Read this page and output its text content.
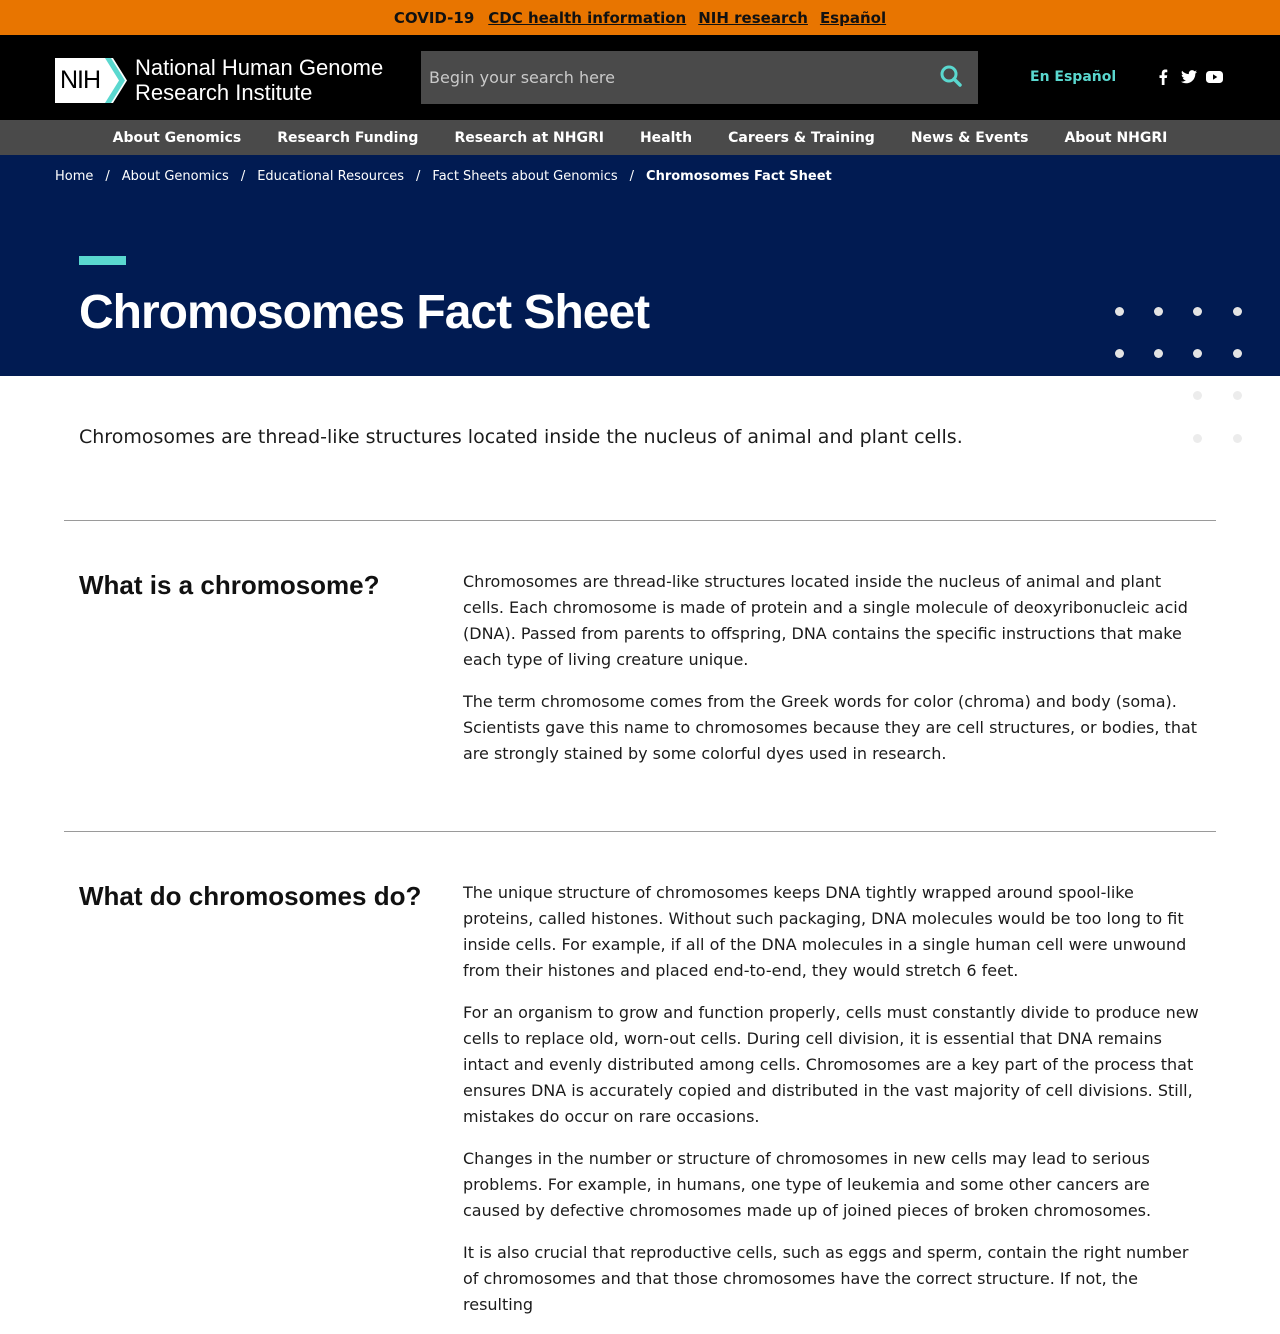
COVID-19 CDC health information NIH research Español
NIH National Human Genome
Research Institute
Begin your search here
En Español
About Genomics	Research Funding	Research at NHGRI	Health	Careers & Training	News & Events	About NHGRI
Home / About Genomics / Educational Resources / Fact Sheets about Genomics / Chromosomes Fact Sheet
Chromosomes Fact Sheet

Chromosomes are thread-like structures located inside the nucleus of animal and plant cells.

What is a chromosome?	Chromosomes are thread-like structures located inside the nucleus of animal and plant cells. Each chromosome is made of protein and a single molecule of deoxyribonucleic acid (DNA). Passed from parents to offspring, DNA contains the specific instructions that make each type of living creature unique.

The term chromosome comes from the Greek words for color (chroma) and body (soma). Scientists gave this name to chromosomes because they are cell structures, or bodies, that are strongly stained by some colorful dyes used in research.

What do chromosomes do?	The unique structure of chromosomes keeps DNA tightly wrapped around spool-like proteins, called histones. Without such packaging, DNA molecules would be too long to fit inside cells. For example, if all of the DNA molecules in a single human cell were unwound from their histones and placed end-to-end, they would stretch 6 feet.

For an organism to grow and function properly, cells must constantly divide to produce new cells to replace old, worn-out cells. During cell division, it is essential that DNA remains intact and evenly distributed among cells. Chromosomes are a key part of the process that ensures DNA is accurately copied and distributed in the vast majority of cell divisions. Still, mistakes do occur on rare occasions.

Changes in the number or structure of chromosomes in new cells may lead to serious problems. For example, in humans, one type of leukemia and some other cancers are caused by defective chromosomes made up of joined pieces of broken chromosomes.

It is also crucial that reproductive cells, such as eggs and sperm, contain the right number of chromosomes and that those chromosomes have the correct structure. If not, the resulting
